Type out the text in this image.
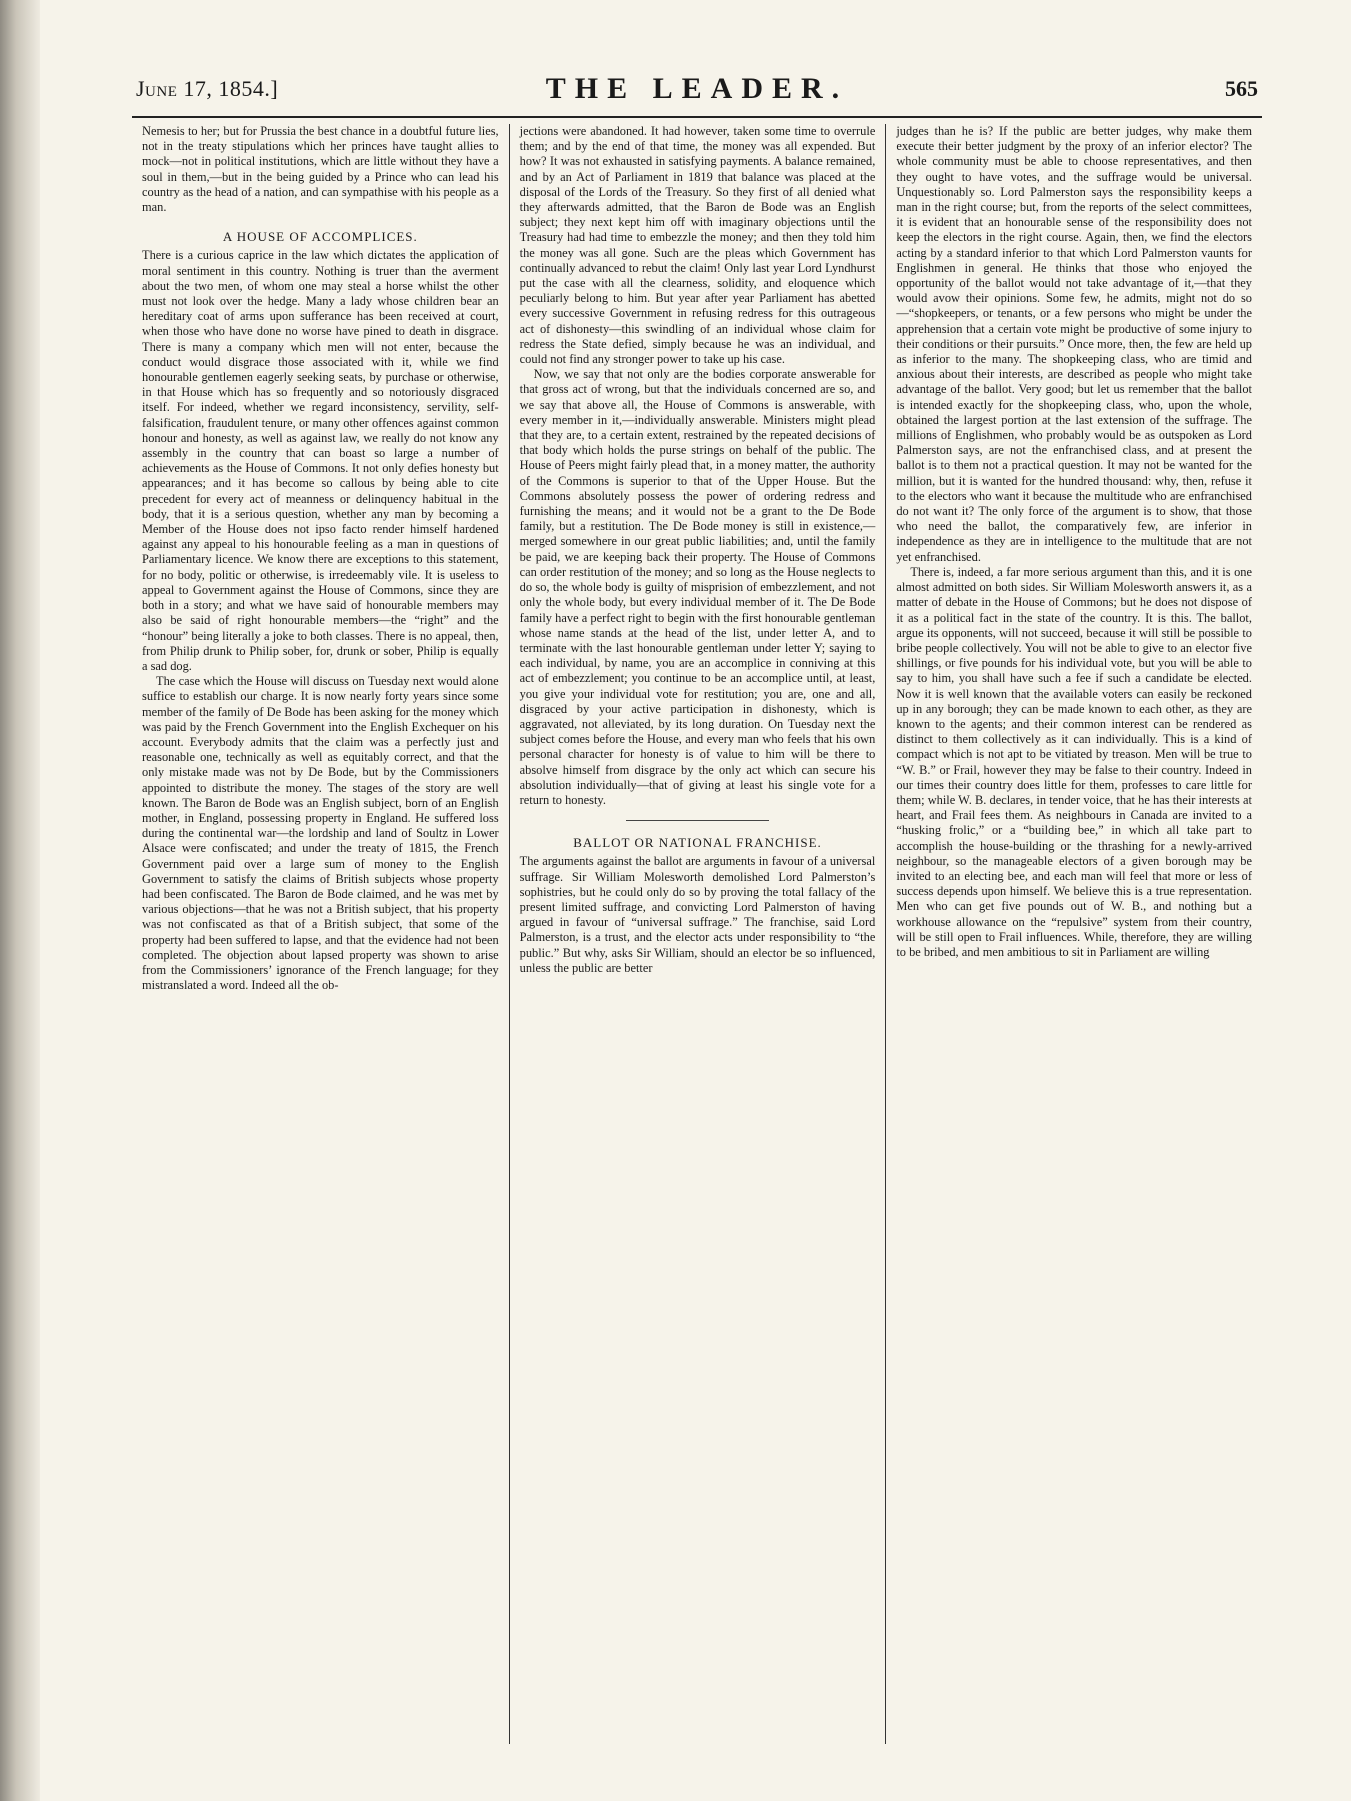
June 17, 1854.]	THE LEADER.	565

Nemesis to her; but for Prussia the best chance in a doubtful future lies, not in the treaty stipulations which her princes have taught allies to mock—not in political institutions, which are little without they have a soul in them,—but in the being guided by a Prince who can lead his country as the head of a nation, and can sympathise with his people as a man.

A HOUSE OF ACCOMPLICES.

There is a curious caprice in the law which dictates the application of moral sentiment in this country. Nothing is truer than the averment about the two men, of whom one may steal a horse whilst the other must not look over the hedge. Many a lady whose children bear an hereditary coat of arms upon sufferance has been received at court, when those who have done no worse have pined to death in disgrace. There is many a company which men will not enter, because the conduct would disgrace those associated with it, while we find honourable gentlemen eagerly seeking seats, by purchase or otherwise, in that House which has so frequently and so notoriously disgraced itself. For indeed, whether we regard inconsistency, servility, self-falsification, fraudulent tenure, or many other offences against common honour and honesty, as well as against law, we really do not know any assembly in the country that can boast so large a number of achievements as the House of Commons. It not only defies honesty but appearances; and it has become so callous by being able to cite precedent for every act of meanness or delinquency habitual in the body, that it is a serious question, whether any man by becoming a Member of the House does not ipso facto render himself hardened against any appeal to his honourable feeling as a man in questions of Parliamentary licence. We know there are exceptions to this statement, for no body, politic or otherwise, is irredeemably vile. It is useless to appeal to Government against the House of Commons, since they are both in a story; and what we have said of honourable members may also be said of right honourable members—the “right” and the “honour” being literally a joke to both classes. There is no appeal, then, from Philip drunk to Philip sober, for, drunk or sober, Philip is equally a sad dog.

The case which the House will discuss on Tuesday next would alone suffice to establish our charge. It is now nearly forty years since some member of the family of De Bode has been asking for the money which was paid by the French Government into the English Exchequer on his account. Everybody admits that the claim was a perfectly just and reasonable one, technically as well as equitably correct, and that the only mistake made was not by De Bode, but by the Commissioners appointed to distribute the money. The stages of the story are well known. The Baron de Bode was an English subject, born of an English mother, in England, possessing property in England. He suffered loss during the continental war—the lordship and land of Soultz in Lower Alsace were confiscated; and under the treaty of 1815, the French Government paid over a large sum of money to the English Government to satisfy the claims of British subjects whose property had been confiscated. The Baron de Bode claimed, and he was met by various objections—that he was not a British subject, that his property was not confiscated as that of a British subject, that some of the property had been suffered to lapse, and that the evidence had not been completed. The objection about lapsed property was shown to arise from the Commissioners’ ignorance of the French language; for they mistranslated a word. Indeed all the ob-

jections were abandoned. It had however, taken some time to overrule them; and by the end of that time, the money was all expended. But how? It was not exhausted in satisfying payments. A balance remained, and by an Act of Parliament in 1819 that balance was placed at the disposal of the Lords of the Treasury. So they first of all denied what they afterwards admitted, that the Baron de Bode was an English subject; they next kept him off with imaginary objections until the Treasury had had time to embezzle the money; and then they told him the money was all gone. Such are the pleas which Government has continually advanced to rebut the claim! Only last year Lord Lyndhurst put the case with all the clearness, solidity, and eloquence which peculiarly belong to him. But year after year Parliament has abetted every successive Government in refusing redress for this outrageous act of dishonesty—this swindling of an individual whose claim for redress the State defied, simply because he was an individual, and could not find any stronger power to take up his case.

Now, we say that not only are the bodies corporate answerable for that gross act of wrong, but that the individuals concerned are so, and we say that above all, the House of Commons is answerable, with every member in it,—individually answerable. Ministers might plead that they are, to a certain extent, restrained by the repeated decisions of that body which holds the purse strings on behalf of the public. The House of Peers might fairly plead that, in a money matter, the authority of the Commons is superior to that of the Upper House. But the Commons absolutely possess the power of ordering redress and furnishing the means; and it would not be a grant to the De Bode family, but a restitution. The De Bode money is still in existence,—merged somewhere in our great public liabilities; and, until the family be paid, we are keeping back their property. The House of Commons can order restitution of the money; and so long as the House neglects to do so, the whole body is guilty of misprision of embezzlement, and not only the whole body, but every individual member of it. The De Bode family have a perfect right to begin with the first honourable gentleman whose name stands at the head of the list, under letter A, and to terminate with the last honourable gentleman under letter Y; saying to each individual, by name, you are an accomplice in conniving at this act of embezzlement; you continue to be an accomplice until, at least, you give your individual vote for restitution; you are, one and all, disgraced by your active participation in dishonesty, which is aggravated, not alleviated, by its long duration. On Tuesday next the subject comes before the House, and every man who feels that his own personal character for honesty is of value to him will be there to absolve himself from disgrace by the only act which can secure his absolution individually—that of giving at least his single vote for a return to honesty.

BALLOT OR NATIONAL FRANCHISE.

The arguments against the ballot are arguments in favour of a universal suffrage. Sir William Molesworth demolished Lord Palmerston’s sophistries, but he could only do so by proving the total fallacy of the present limited suffrage, and convicting Lord Palmerston of having argued in favour of “universal suffrage.” The franchise, said Lord Palmerston, is a trust, and the elector acts under responsibility to “the public.” But why, asks Sir William, should an elector be so influenced, unless the public are better

judges than he is? If the public are better judges, why make them execute their better judgment by the proxy of an inferior elector? The whole community must be able to choose representatives, and then they ought to have votes, and the suffrage would be universal. Unquestionably so. Lord Palmerston says the responsibility keeps a man in the right course; but, from the reports of the select committees, it is evident that an honourable sense of the responsibility does not keep the electors in the right course. Again, then, we find the electors acting by a standard inferior to that which Lord Palmerston vaunts for Englishmen in general. He thinks that those who enjoyed the opportunity of the ballot would not take advantage of it,—that they would avow their opinions. Some few, he admits, might not do so—“shopkeepers, or tenants, or a few persons who might be under the apprehension that a certain vote might be productive of some injury to their conditions or their pursuits.” Once more, then, the few are held up as inferior to the many. The shopkeeping class, who are timid and anxious about their interests, are described as people who might take advantage of the ballot. Very good; but let us remember that the ballot is intended exactly for the shopkeeping class, who, upon the whole, obtained the largest portion at the last extension of the suffrage. The millions of Englishmen, who probably would be as outspoken as Lord Palmerston says, are not the enfranchised class, and at present the ballot is to them not a practical question. It may not be wanted for the million, but it is wanted for the hundred thousand: why, then, refuse it to the electors who want it because the multitude who are enfranchised do not want it? The only force of the argument is to show, that those who need the ballot, the comparatively few, are inferior in independence as they are in intelligence to the multitude that are not yet enfranchised.

There is, indeed, a far more serious argument than this, and it is one almost admitted on both sides. Sir William Molesworth answers it, as a matter of debate in the House of Commons; but he does not dispose of it as a political fact in the state of the country. It is this. The ballot, argue its opponents, will not succeed, because it will still be possible to bribe people collectively. You will not be able to give to an elector five shillings, or five pounds for his individual vote, but you will be able to say to him, you shall have such a fee if such a candidate be elected. Now it is well known that the available voters can easily be reckoned up in any borough; they can be made known to each other, as they are known to the agents; and their common interest can be rendered as distinct to them collectively as it can individually. This is a kind of compact which is not apt to be vitiated by treason. Men will be true to “W. B.” or Frail, however they may be false to their country. Indeed in our times their country does little for them, professes to care little for them; while W. B. declares, in tender voice, that he has their interests at heart, and Frail fees them. As neighbours in Canada are invited to a “husking frolic,” or a “building bee,” in which all take part to accomplish the house-building or the thrashing for a newly-arrived neighbour, so the manageable electors of a given borough may be invited to an electing bee, and each man will feel that more or less of success depends upon himself. We believe this is a true representation. Men who can get five pounds out of W. B., and nothing but a workhouse allowance on the “repulsive” system from their country, will be still open to Frail influences. While, therefore, they are willing to be bribed, and men ambitious to sit in Parliament are willing
